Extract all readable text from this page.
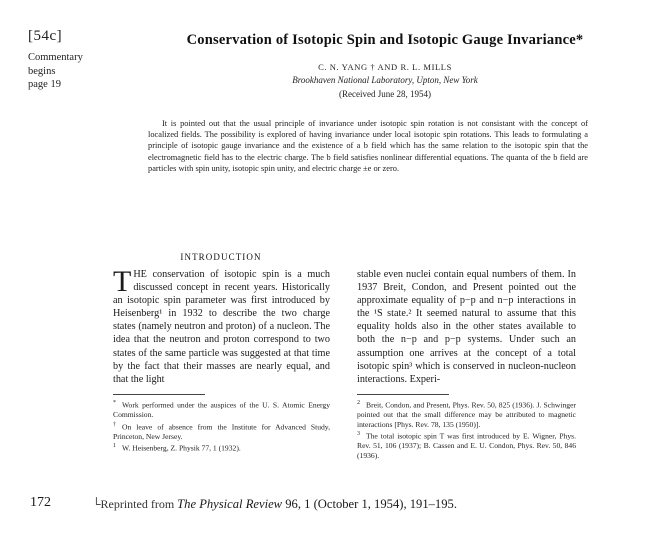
[54c]
Commentary
begins
page 19
Conservation of Isotopic Spin and Isotopic Gauge Invariance*
C. N. YANG † AND R. L. MILLS
Brookhaven National Laboratory, Upton, New York
(Received June 28, 1954)
It is pointed out that the usual principle of invariance under isotopic spin rotation is not consistant with the concept of localized fields. The possibility is explored of having invariance under local isotopic spin rotations. This leads to formulating a principle of isotopic gauge invariance and the existence of a b field which has the same relation to the isotopic spin that the electromagnetic field has to the electric charge. The b field satisfies nonlinear differential equations. The quanta of the b field are particles with spin unity, isotopic spin unity, and electric charge ±e or zero.
INTRODUCTION
THE conservation of isotopic spin is a much discussed concept in recent years. Historically an isotopic spin parameter was first introduced by Heisenberg¹ in 1932 to describe the two charge states (namely neutron and proton) of a nucleon. The idea that the neutron and proton correspond to two states of the same particle was suggested at that time by the fact that their masses are nearly equal, and that the light
stable even nuclei contain equal numbers of them. In 1937 Breit, Condon, and Present pointed out the approximate equality of p−p and n−p interactions in the ¹S state.² It seemed natural to assume that this equality holds also in the other states available to both the n−p and p−p systems. Under such an assumption one arrives at the concept of a total isotopic spin³ which is conserved in nucleon-nucleon interactions. Experi-

* Work performed under the auspices of the U. S. Atomic Energy Commission.

† On leave of absence from the Institute for Advanced Study, Princeton, New Jersey.

1 W. Heisenberg, Z. Physik 77, 1 (1932).

2 Breit, Condon, and Present, Phys. Rev. 50, 825 (1936). J. Schwinger pointed out that the small difference may be attributed to magnetic interactions [Phys. Rev. 78, 135 (1950)].

3 The total isotopic spin T was first introduced by E. Wigner, Phys. Rev. 51, 106 (1937); B. Cassen and E. U. Condon, Phys. Rev. 50, 846 (1936).

172	└Reprinted from The Physical Review 96, 1 (October 1, 1954), 191–195.
